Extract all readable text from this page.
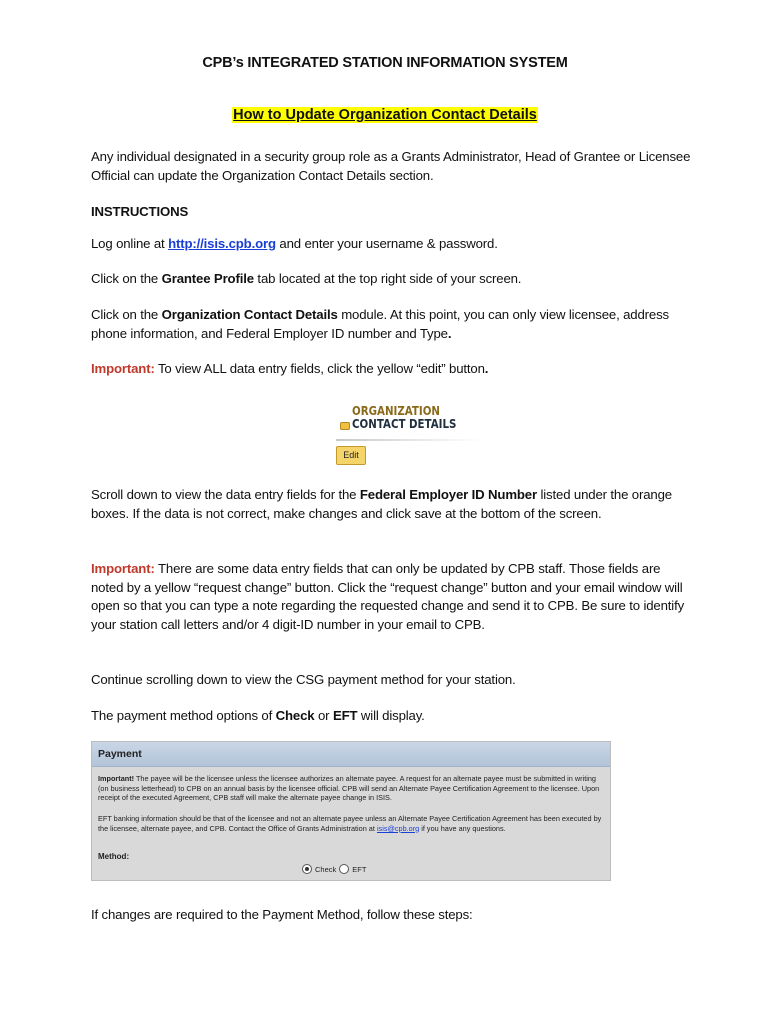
CPB’s INTEGRATED STATION INFORMATION SYSTEM
How to Update Organization Contact Details
Any individual designated in a security group role as a Grants Administrator, Head of Grantee or Licensee Official can update the Organization Contact Details section.
INSTRUCTIONS
Log online at http://isis.cpb.org and enter your username & password.
Click on the Grantee Profile tab located at the top right side of your screen.
Click on the Organization Contact Details module. At this point, you can only view licensee, address phone information, and Federal Employer ID number and Type.
Important: To view ALL data entry fields, click the yellow “edit” button.
ORGANIZATION
CONTACT DETAILS
Edit
Scroll down to view the data entry fields for the Federal Employer ID Number listed under the orange boxes. If the data is not correct, make changes and click save at the bottom of the screen.
Important: There are some data entry fields that can only be updated by CPB staff. Those fields are noted by a yellow “request change” button. Click the “request change” button and your email window will open so that you can type a note regarding the requested change and send it to CPB. Be sure to identify your station call letters and/or 4 digit-ID number in your email to CPB.
Continue scrolling down to view the CSG payment method for your station.
The payment method options of Check or EFT will display.
Payment
Important! The payee will be the licensee unless the licensee authorizes an alternate payee. A request for an alternate payee must be submitted in writing (on business letterhead) to CPB on an annual basis by the licensee official. CPB will send an Alternate Payee Certification Agreement to the licensee. Upon receipt of the executed Agreement, CPB staff will make the alternate payee change in ISIS.
EFT banking information should be that of the licensee and not an alternate payee unless an Alternate Payee Certification Agreement has been executed by the licensee, alternate payee, and CPB. Contact the Office of Grants Administration at isis@cpb.org if you have any questions.
Method:
Check EFT
If changes are required to the Payment Method, follow these steps:
